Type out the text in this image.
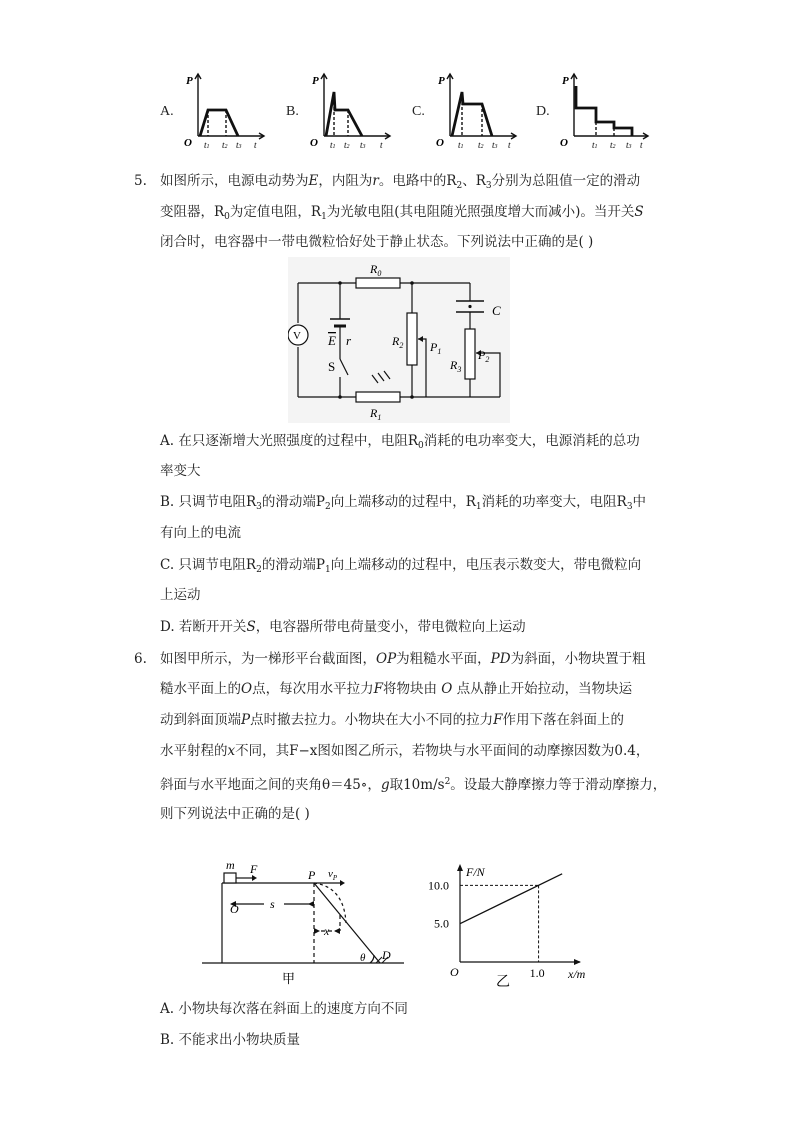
A.	B.	C.	D.
P
O t1 t2 t3 t
P
O t1 t2 t3 t
P
O t1 t2 t3 t
P
O	t1 t2 t3 t
5. 如图所示，电源电动势为E，内阻为r。电路中的$R_2$、$R_3$分别为总阻值一定的滑动
变阻器，$R_0$为定值电阻，$R_1$为光敏电阻(其电阻随光照强度增大而减小)。当开关S
闭合时，电容器中一带电微粒恰好处于静止状态。下列说法中正确的是( )
$R_0$
$R_1$
$R_2$
$R_3$
C
E r
S
V
$P_1$	$P_2$
A. 在只逐渐增大光照强度的过程中，电阻$R_0$消耗的电功率变大，电源消耗的总功
率变大
B. 只调节电阻$R_3$的滑动端$P_2$向上端移动的过程中，$R_1$消耗的功率变大，电阻$R_3$中
有向上的电流
C. 只调节电阻$R_2$的滑动端$P_1$向上端移动的过程中，电压表示数变大，带电微粒向
上运动
D. 若断开开关S，电容器所带电荷量变小，带电微粒向上运动
6. 如图甲所示，为一梯形平台截面图，OP为粗糙水平面，PD为斜面，小物块置于粗
糙水平面上的O点，每次用水平拉力F将物块由 O 点从静止开始拉动，当物块运
动到斜面顶端P点时撤去拉力。小物块在大小不同的拉力F作用下落在斜面上的
水平射程的x不同，其F−x图如图乙所示，若物块与水平面间的动摩擦因数为0.4，
斜面与水平地面之间的夹角θ＝45∘，g取$10m/s^2$。设最大静摩擦力等于滑动摩擦力，
则下列说法中正确的是( )
m F	P $v_P$
O	s
x
D
θ
甲
F/N
x/m
O
乙
10.0
5.0
1.0
A. 小物块每次落在斜面上的速度方向不同
B. 不能求出小物块质量
